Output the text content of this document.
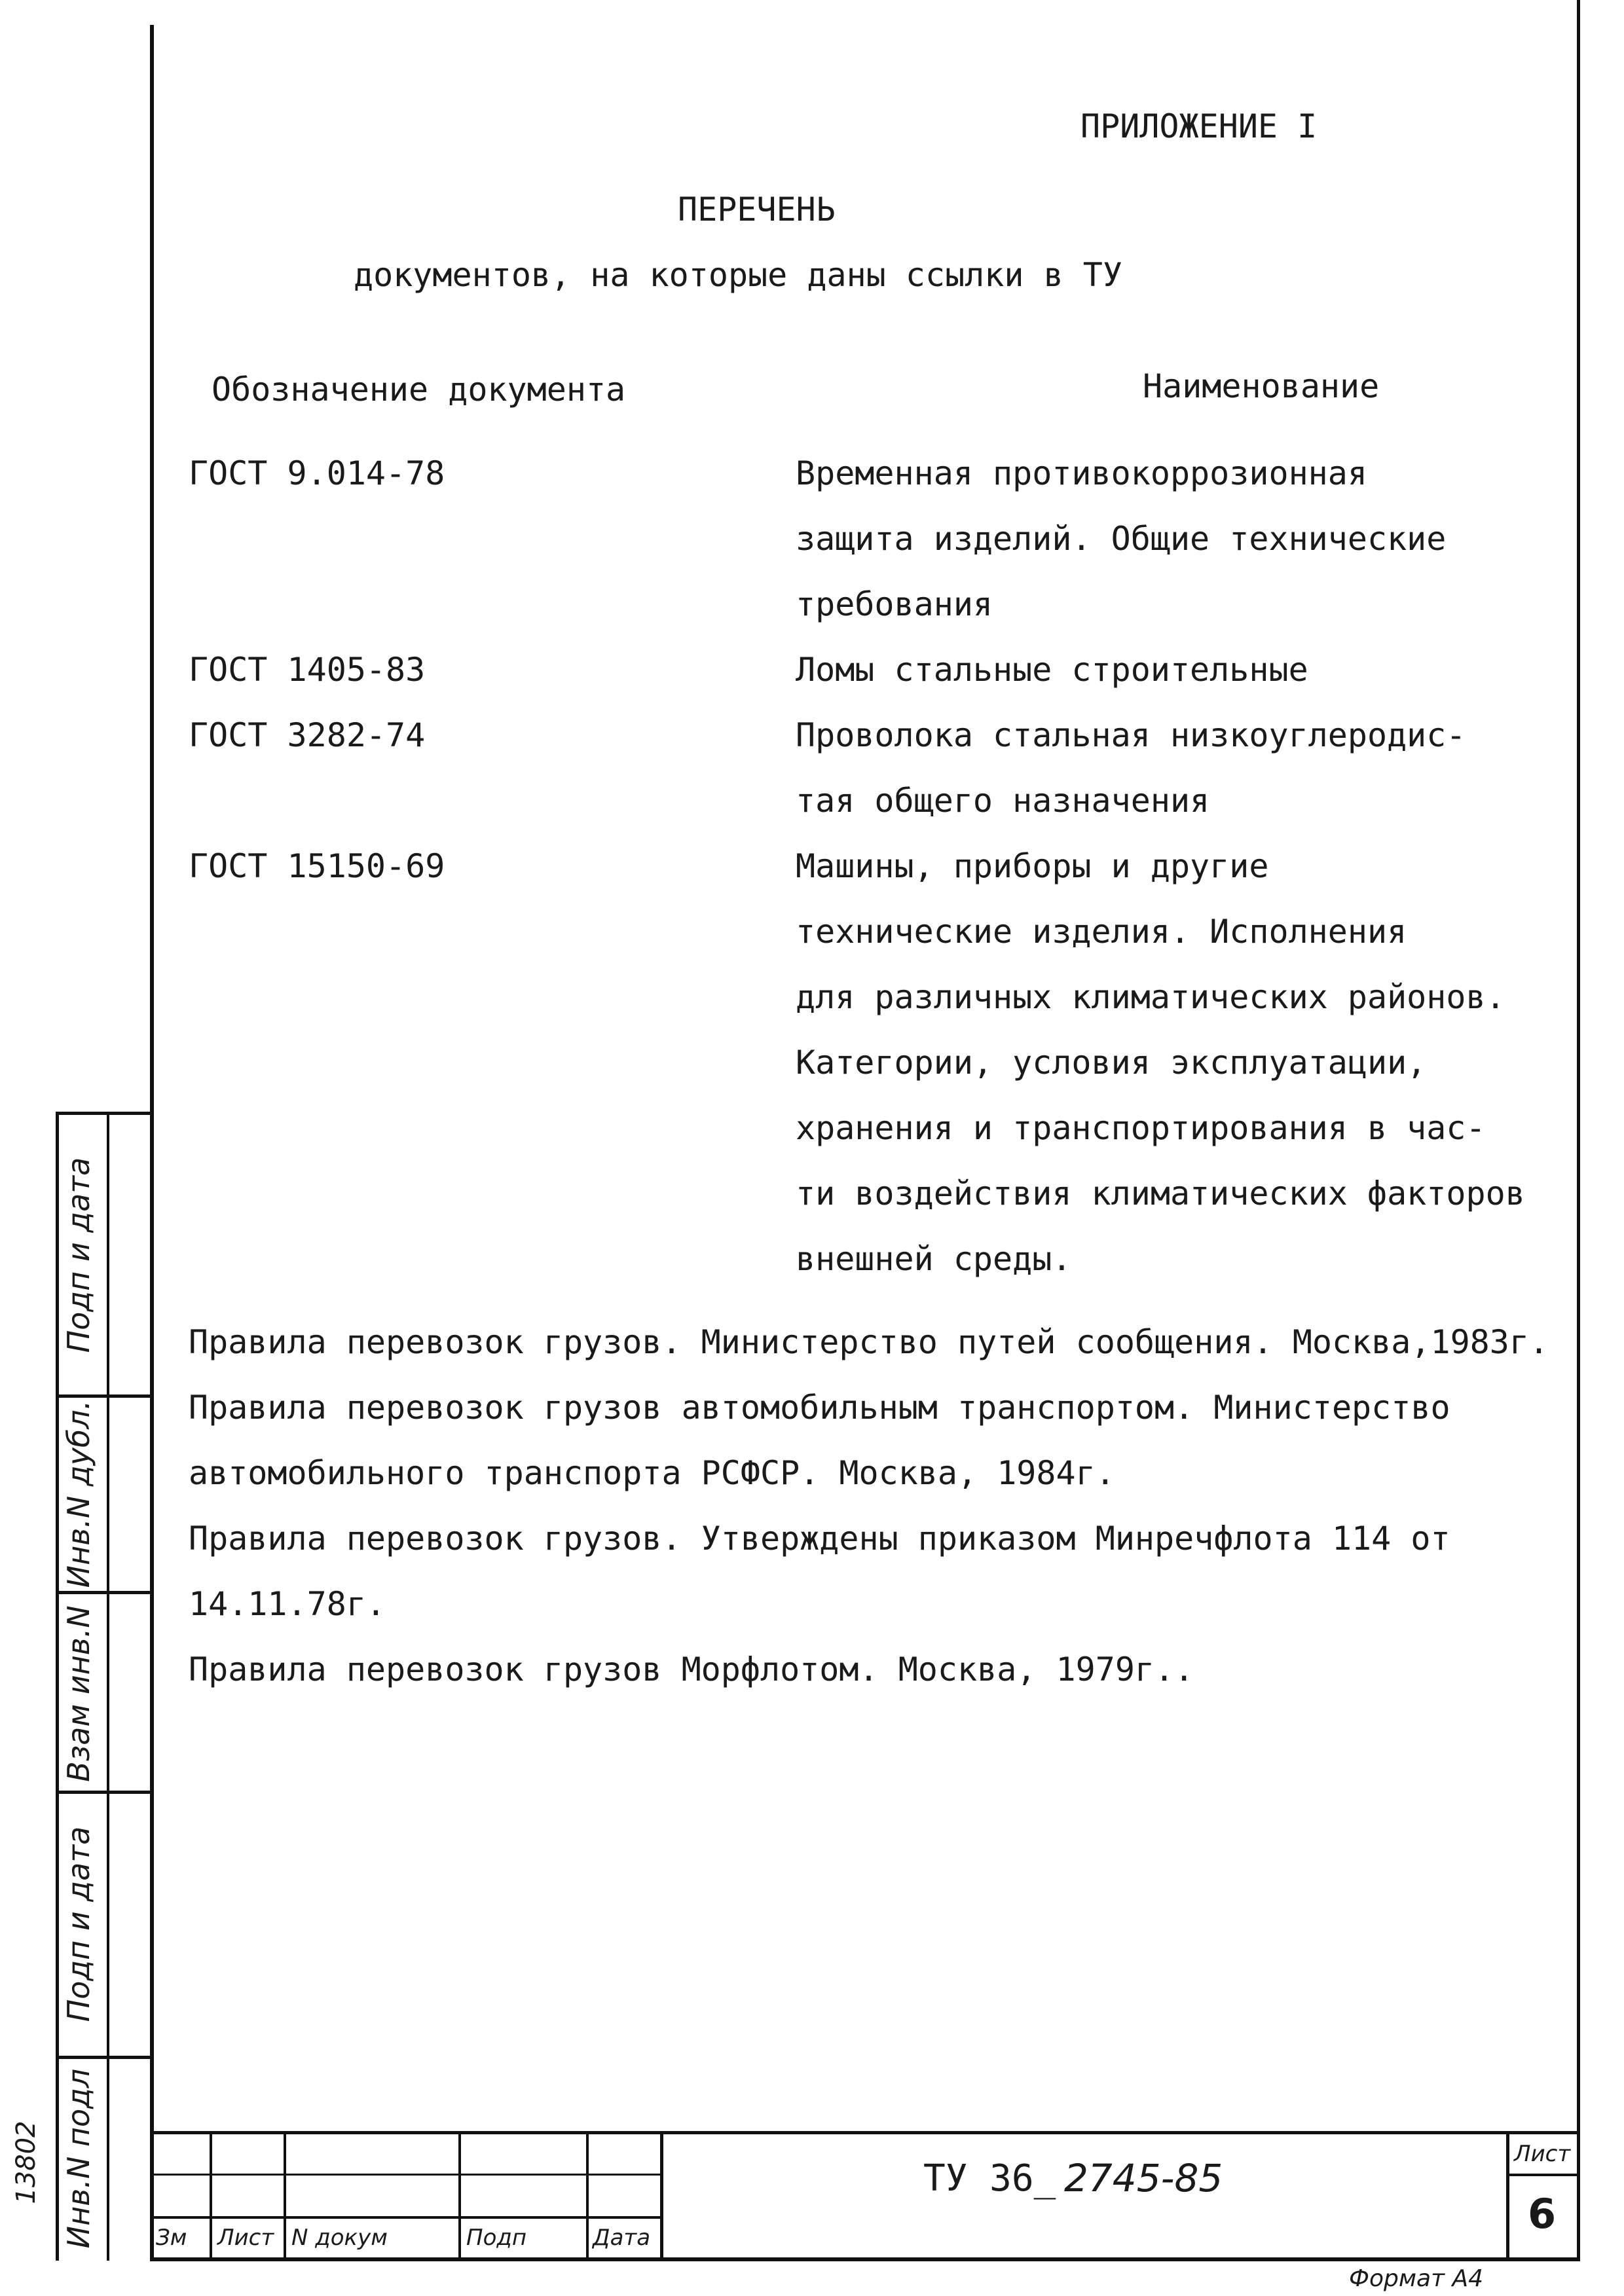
Подп и дата
Инв.N дубл.
Взам инв.N
Подп и дата
Инв.N подл
13802
ПРИЛОЖЕНИЕ I
ПЕРЕЧЕНЬ
документов, на которые даны ссылки в ТУ
Обозначение документа	Наименование
ГОСТ 9.014-78	Временная противокоррозионная
защита изделий. Общие технические
требования
ГОСТ 1405-83	Ломы стальные строительные
ГОСТ 3282-74	Проволока стальная низкоуглеродис-
тая общего назначения
ГОСТ 15150-69	Машины, приборы и другие
технические изделия. Исполнения
для различных климатических районов.
Категории, условия эксплуатации,
хранения и транспортирования в час-
ти воздействия климатических факторов
внешней среды.
Правила перевозок грузов. Министерство путей сообщения. Москва,1983г.
Правила перевозок грузов автомобильным транспортом. Министерство
автомобильного транспорта РСФСР. Москва, 1984г.
Правила перевозок грузов. Утверждены приказом Минречфлота 114 от
14.11.78г.
Правила перевозок грузов Морфлотом. Москва, 1979г..
Зм Лист N докум	Подп	Дата
ТУ 36_ 2745-85
Лист
6
Формат А4
